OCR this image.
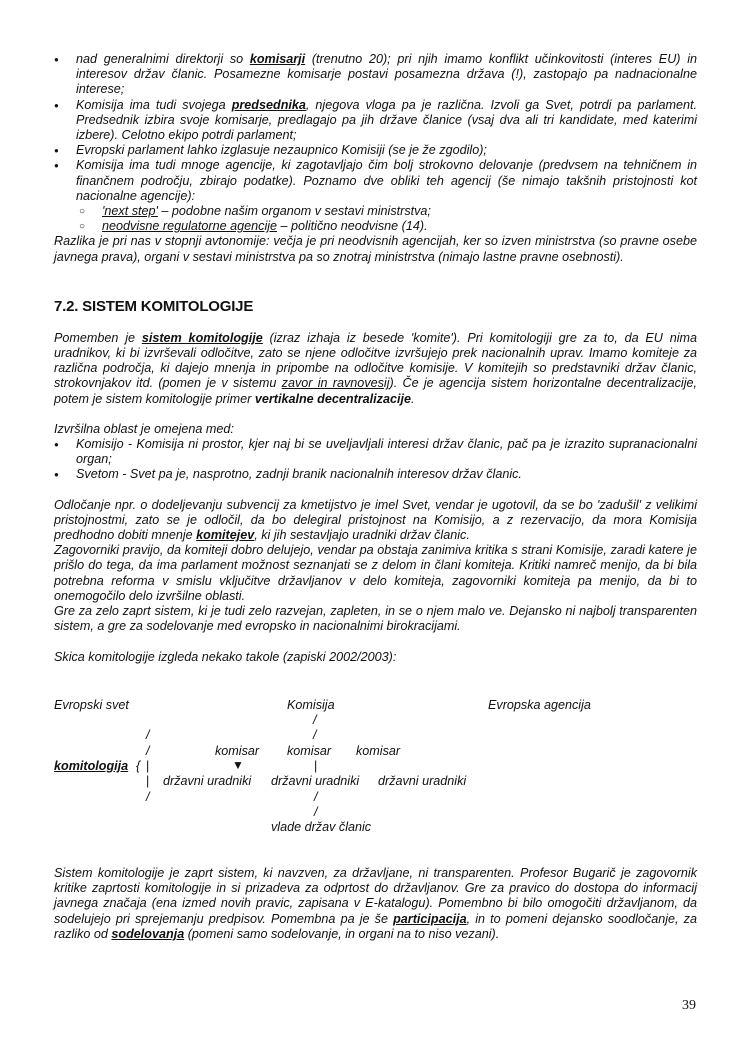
● nad generalnimi direktorji so komisarji (trenutno 20); pri njih imamo konflikt učinkovitosti (interes EU) in interesov držav članic. Posamezne komisarje postavi posamezna država (!), zastopajo pa nadnacionalne interese;
● Komisija ima tudi svojega predsednika, njegova vloga pa je različna. Izvoli ga Svet, potrdi pa parlament. Predsednik izbira svoje komisarje, predlagajo pa jih države članice (vsaj dva ali tri kandidate, med katerimi izbere). Celotno ekipo potrdi parlament;
● Evropski parlament lahko izglasuje nezaupnico Komisiji (se je že zgodilo);
● Komisija ima tudi mnoge agencije, ki zagotavljajo čim bolj strokovno delovanje (predvsem na tehničnem in finančnem področju, zbirajo podatke). Poznamo dve obliki teh agencij (še nimajo takšnih pristojnosti kot nacionalne agencije):
○ 'next step' – podobne našim organom v sestavi ministrstva;
○ neodvisne regulatorne agencije – politično neodvisne (14).

Razlika je pri nas v stopnji avtonomije: večja je pri neodvisnih agencijah, ker so izven ministrstva (so pravne osebe javnega prava), organi v sestavi ministrstva pa so znotraj ministrstva (nimajo lastne pravne osebnosti).

7.2. SISTEM KOMITOLOGIJE

Pomemben je sistem komitologije (izraz izhaja iz besede 'komite'). Pri komitologiji gre za to, da EU nima uradnikov, ki bi izvrševali odločitve, zato se njene odločitve izvršujejo prek nacionalnih uprav. Imamo komiteje za različna področja, ki dajejo mnenja in pripombe na odločitve komisije. V komitejih so predstavniki držav članic, strokovnjakov itd. (pomen je v sistemu zavor in ravnovesij). Če je agencija sistem horizontalne decentralizacije, potem je sistem komitologije primer vertikalne decentralizacije.

Izvršilna oblast je omejena med:

● Komisijo - Komisija ni prostor, kjer naj bi se uveljavljali interesi držav članic, pač pa je izrazito supranacionalni organ;
● Svetom - Svet pa je, nasprotno, zadnji branik nacionalnih interesov držav članic.

Odločanje npr. o dodeljevanju subvencij za kmetijstvo je imel Svet, vendar je ugotovil, da se bo 'zadušil' z velikimi pristojnostmi, zato se je odločil, da bo delegiral pristojnost na Komisijo, a z rezervacijo, da mora Komisija predhodno dobiti mnenje komitejev, ki jih sestavljajo uradniki držav članic.

Zagovorniki pravijo, da komiteji dobro delujejo, vendar pa obstaja zanimiva kritika s strani Komisije, zaradi katere je prišlo do tega, da ima parlament možnost seznanjati se z delom in člani komiteja. Kritiki namreč menijo, da bi bila potrebna reforma v smislu vključitve državljanov v delo komiteja, zagovorniki komiteja pa menijo, da bi to onemogočilo delo izvršilne oblasti.

Gre za zelo zaprt sistem, ki je tudi zelo razvejan, zapleten, in se o njem malo ve. Dejansko ni najbolj transparenten sistem, a gre za sodelovanje med evropsko in nacionalnimi birokracijami.

Skica komitologije izgleda nekako takole (zapiski 2002/2003):

Evropski svet	Komisija	Evropska agencija
/
/	/
/	komisar komisar komisar
komitologija { |	▼	|
| državni uradniki državni uradniki državni uradniki
/	/
/
vlade držav članic

Sistem komitologije je zaprt sistem, ki navzven, za državljane, ni transparenten. Profesor Bugarič je zagovornik kritike zaprtosti komitologije in si prizadeva za odprtost do državljanov. Gre za pravico do dostopa do informacij javnega značaja (ena izmed novih pravic, zapisana v E-katalogu). Pomembno bi bilo omogočiti državljanom, da sodelujejo pri sprejemanju predpisov. Pomembna pa je še participacija, in to pomeni dejansko soodločanje, za razliko od sodelovanja (pomeni samo sodelovanje, in organi na to niso vezani).

39
